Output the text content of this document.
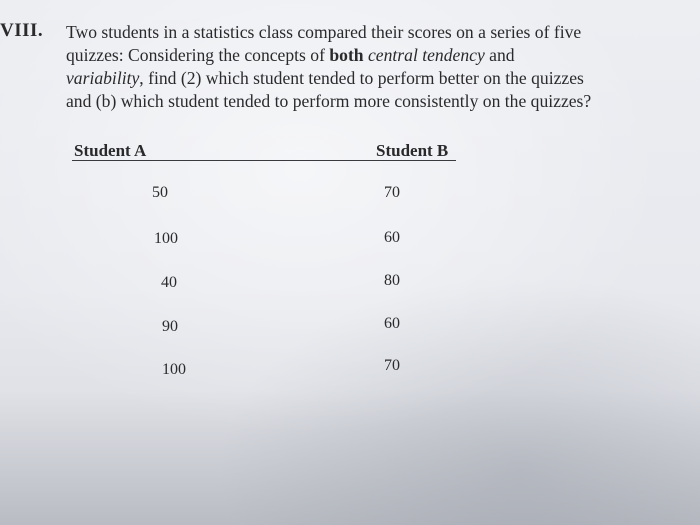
VIII. Two students in a statistics class compared their scores on a series of five
quizzes: Considering the concepts of both central tendency and
variability, find (2) which student tended to perform better on the quizzes
and (b) which student tended to perform more consistently on the quizzes?
Student A	Student B
50	70
100	60
40	80
90	60
100	70
